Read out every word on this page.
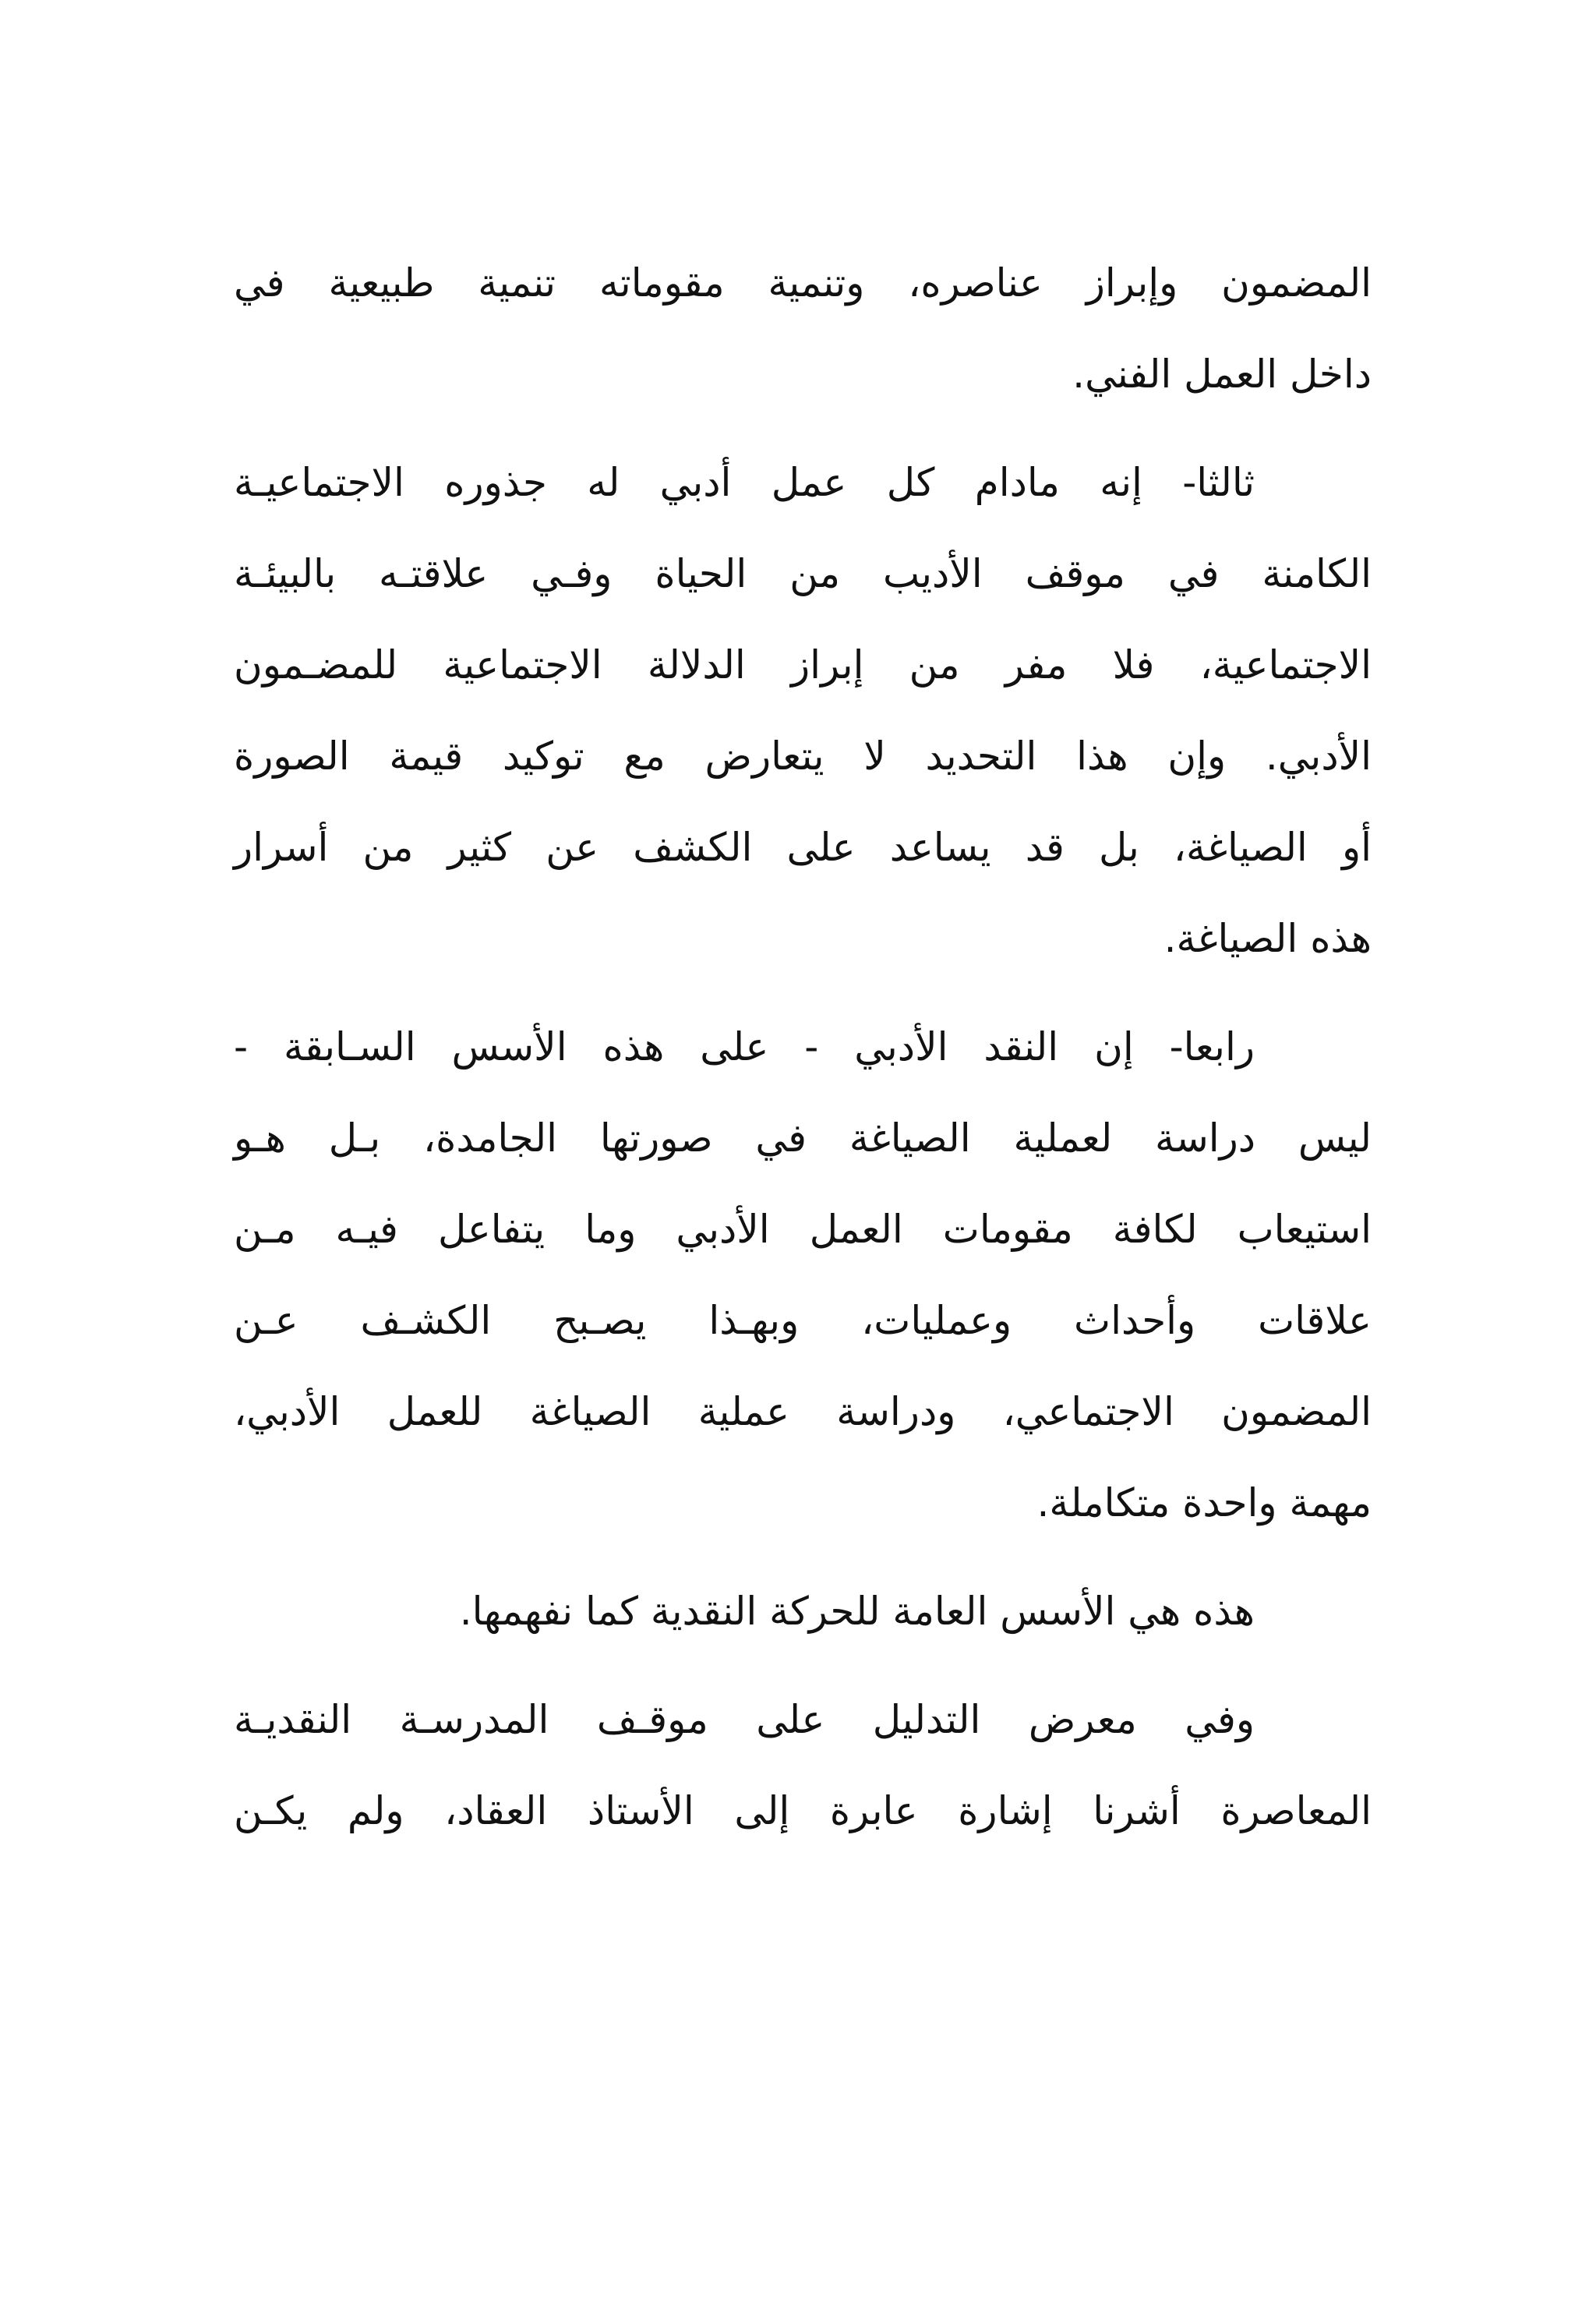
المضمون وإبراز عناصره، وتنمية مقوماته تنمية طبيعية في
داخل العمل الفني.
ثالثا- إنه مادام كل عمل أدبي له جذوره الاجتماعيـة
الكامنة في موقف الأديب من الحياة وفـي علاقتـه بالبيئـة
الاجتماعية، فلا مفر من إبراز الدلالة الاجتماعية للمضـمون
الأدبي. وإن هذا التحديد لا يتعارض مع توكيد قيمة الصورة
أو الصياغة، بل قد يساعد على الكشف عن كثير من أسرار
هذه الصياغة.
رابعا- إن النقد الأدبي - على هذه الأسس السـابقة -
ليس دراسة لعملية الصياغة في صورتها الجامدة، بـل هـو
استيعاب لكافة مقومات العمل الأدبي وما يتفاعل فيـه مـن
علاقات وأحداث وعمليات، وبهـذا يصـبح الكشـف عـن
المضمون الاجتماعي، ودراسة عملية الصياغة للعمل الأدبي،
مهمة واحدة متكاملة.
هذه هي الأسس العامة للحركة النقدية كما نفهمها.
وفي معرض التدليل على موقـف المدرسـة النقديـة
المعاصرة أشرنا إشارة عابرة إلى الأستاذ العقاد، ولم يكـن
